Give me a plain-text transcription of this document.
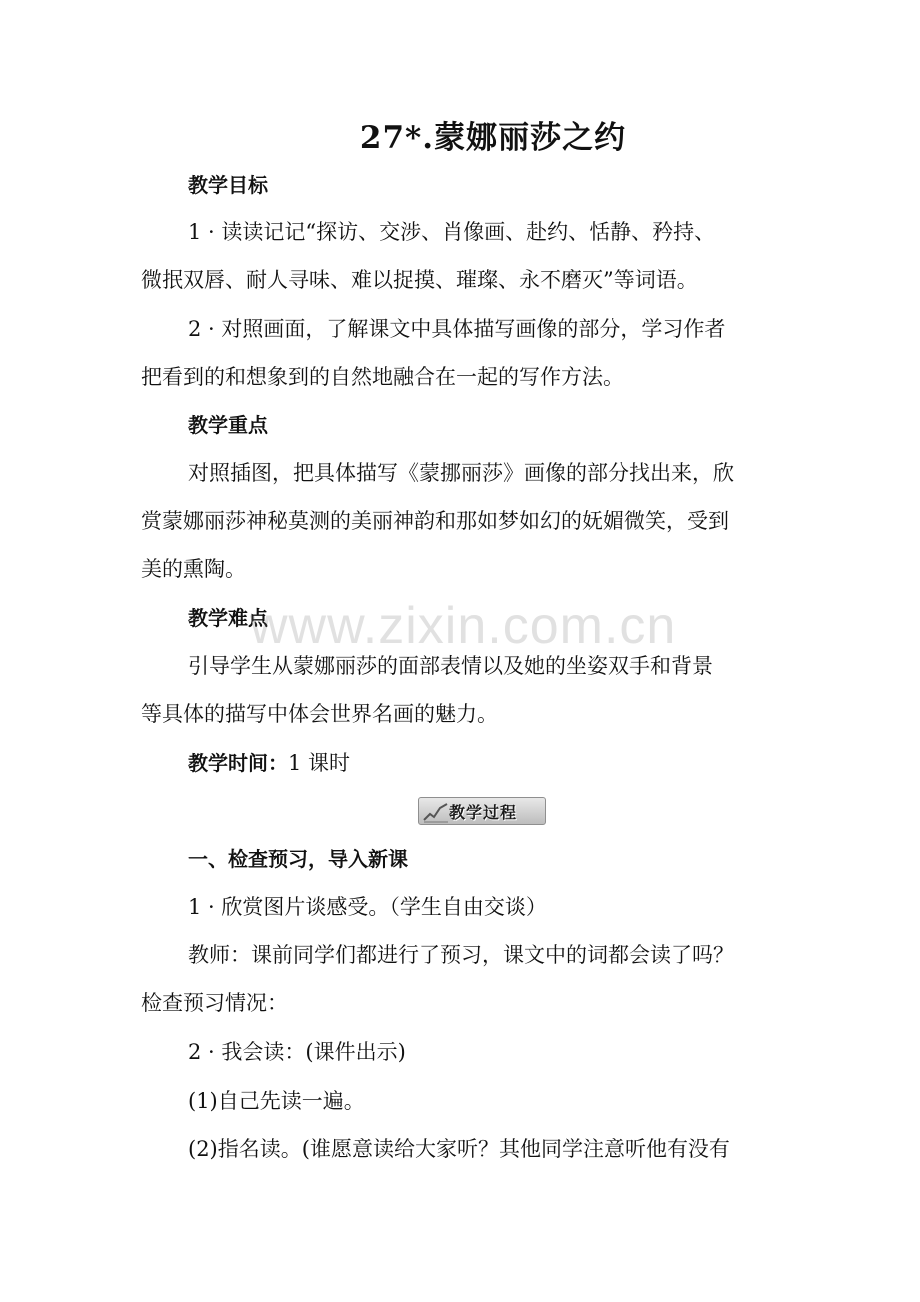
27*.蒙娜丽莎之约
教学目标
1 · 读读记记“探访、交涉、肖像画、赴约、恬静、矜持、
微抿双唇、耐人寻味、难以捉摸、璀璨、永不磨灭”等词语。
2 · 对照画面，了解课文中具体描写画像的部分，学习作者
把看到的和想象到的自然地融合在一起的写作方法。
教学重点
对照插图，把具体描写《蒙挪丽莎》画像的部分找出来，欣
赏蒙娜丽莎神秘莫测的美丽神韵和那如梦如幻的妩媚微笑，受到
美的熏陶。
教学难点
引导学生从蒙娜丽莎的面部表情以及她的坐姿双手和背景
等具体的描写中体会世界名画的魅力。
教学时间：1 课时
教学过程
一、检查预习，导入新课
1 · 欣赏图片谈感受。（学生自由交谈）
教师：课前同学们都进行了预习，课文中的词都会读了吗？
检查预习情况：
2 · 我会读：(课件出示)
(1)自己先读一遍。
(2)指名读。(谁愿意读给大家听？其他同学注意听他有没有
www.zixin.com.cn
